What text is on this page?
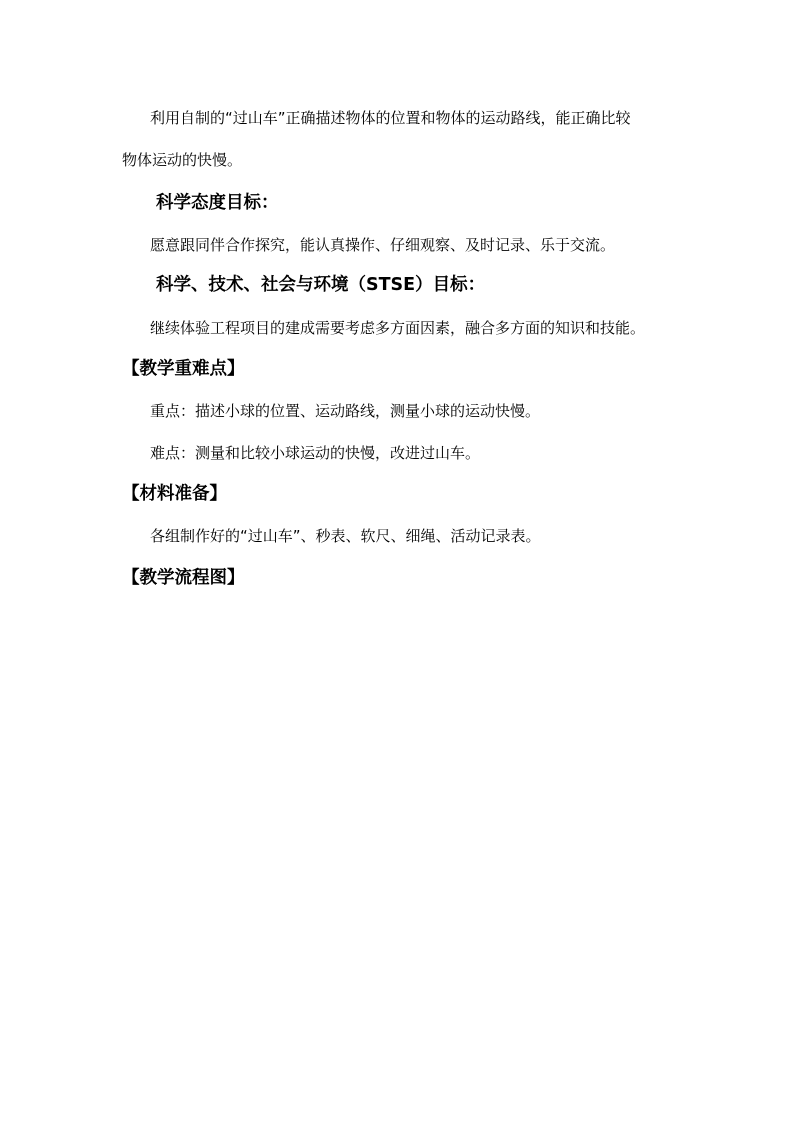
利用自制的“过山车”正确描述物体的位置和物体的运动路线，能正确比较
物体运动的快慢。
科学态度目标：
愿意跟同伴合作探究，能认真操作、仔细观察、及时记录、乐于交流。
科学、技术、社会与环境（STSE）目标：
继续体验工程项目的建成需要考虑多方面因素，融合多方面的知识和技能。
【教学重难点】
重点：描述小球的位置、运动路线，测量小球的运动快慢。
难点：测量和比较小球运动的快慢，改进过山车。
【材料准备】
各组制作好的“过山车”、秒表、软尺、细绳、活动记录表。
【教学流程图】
